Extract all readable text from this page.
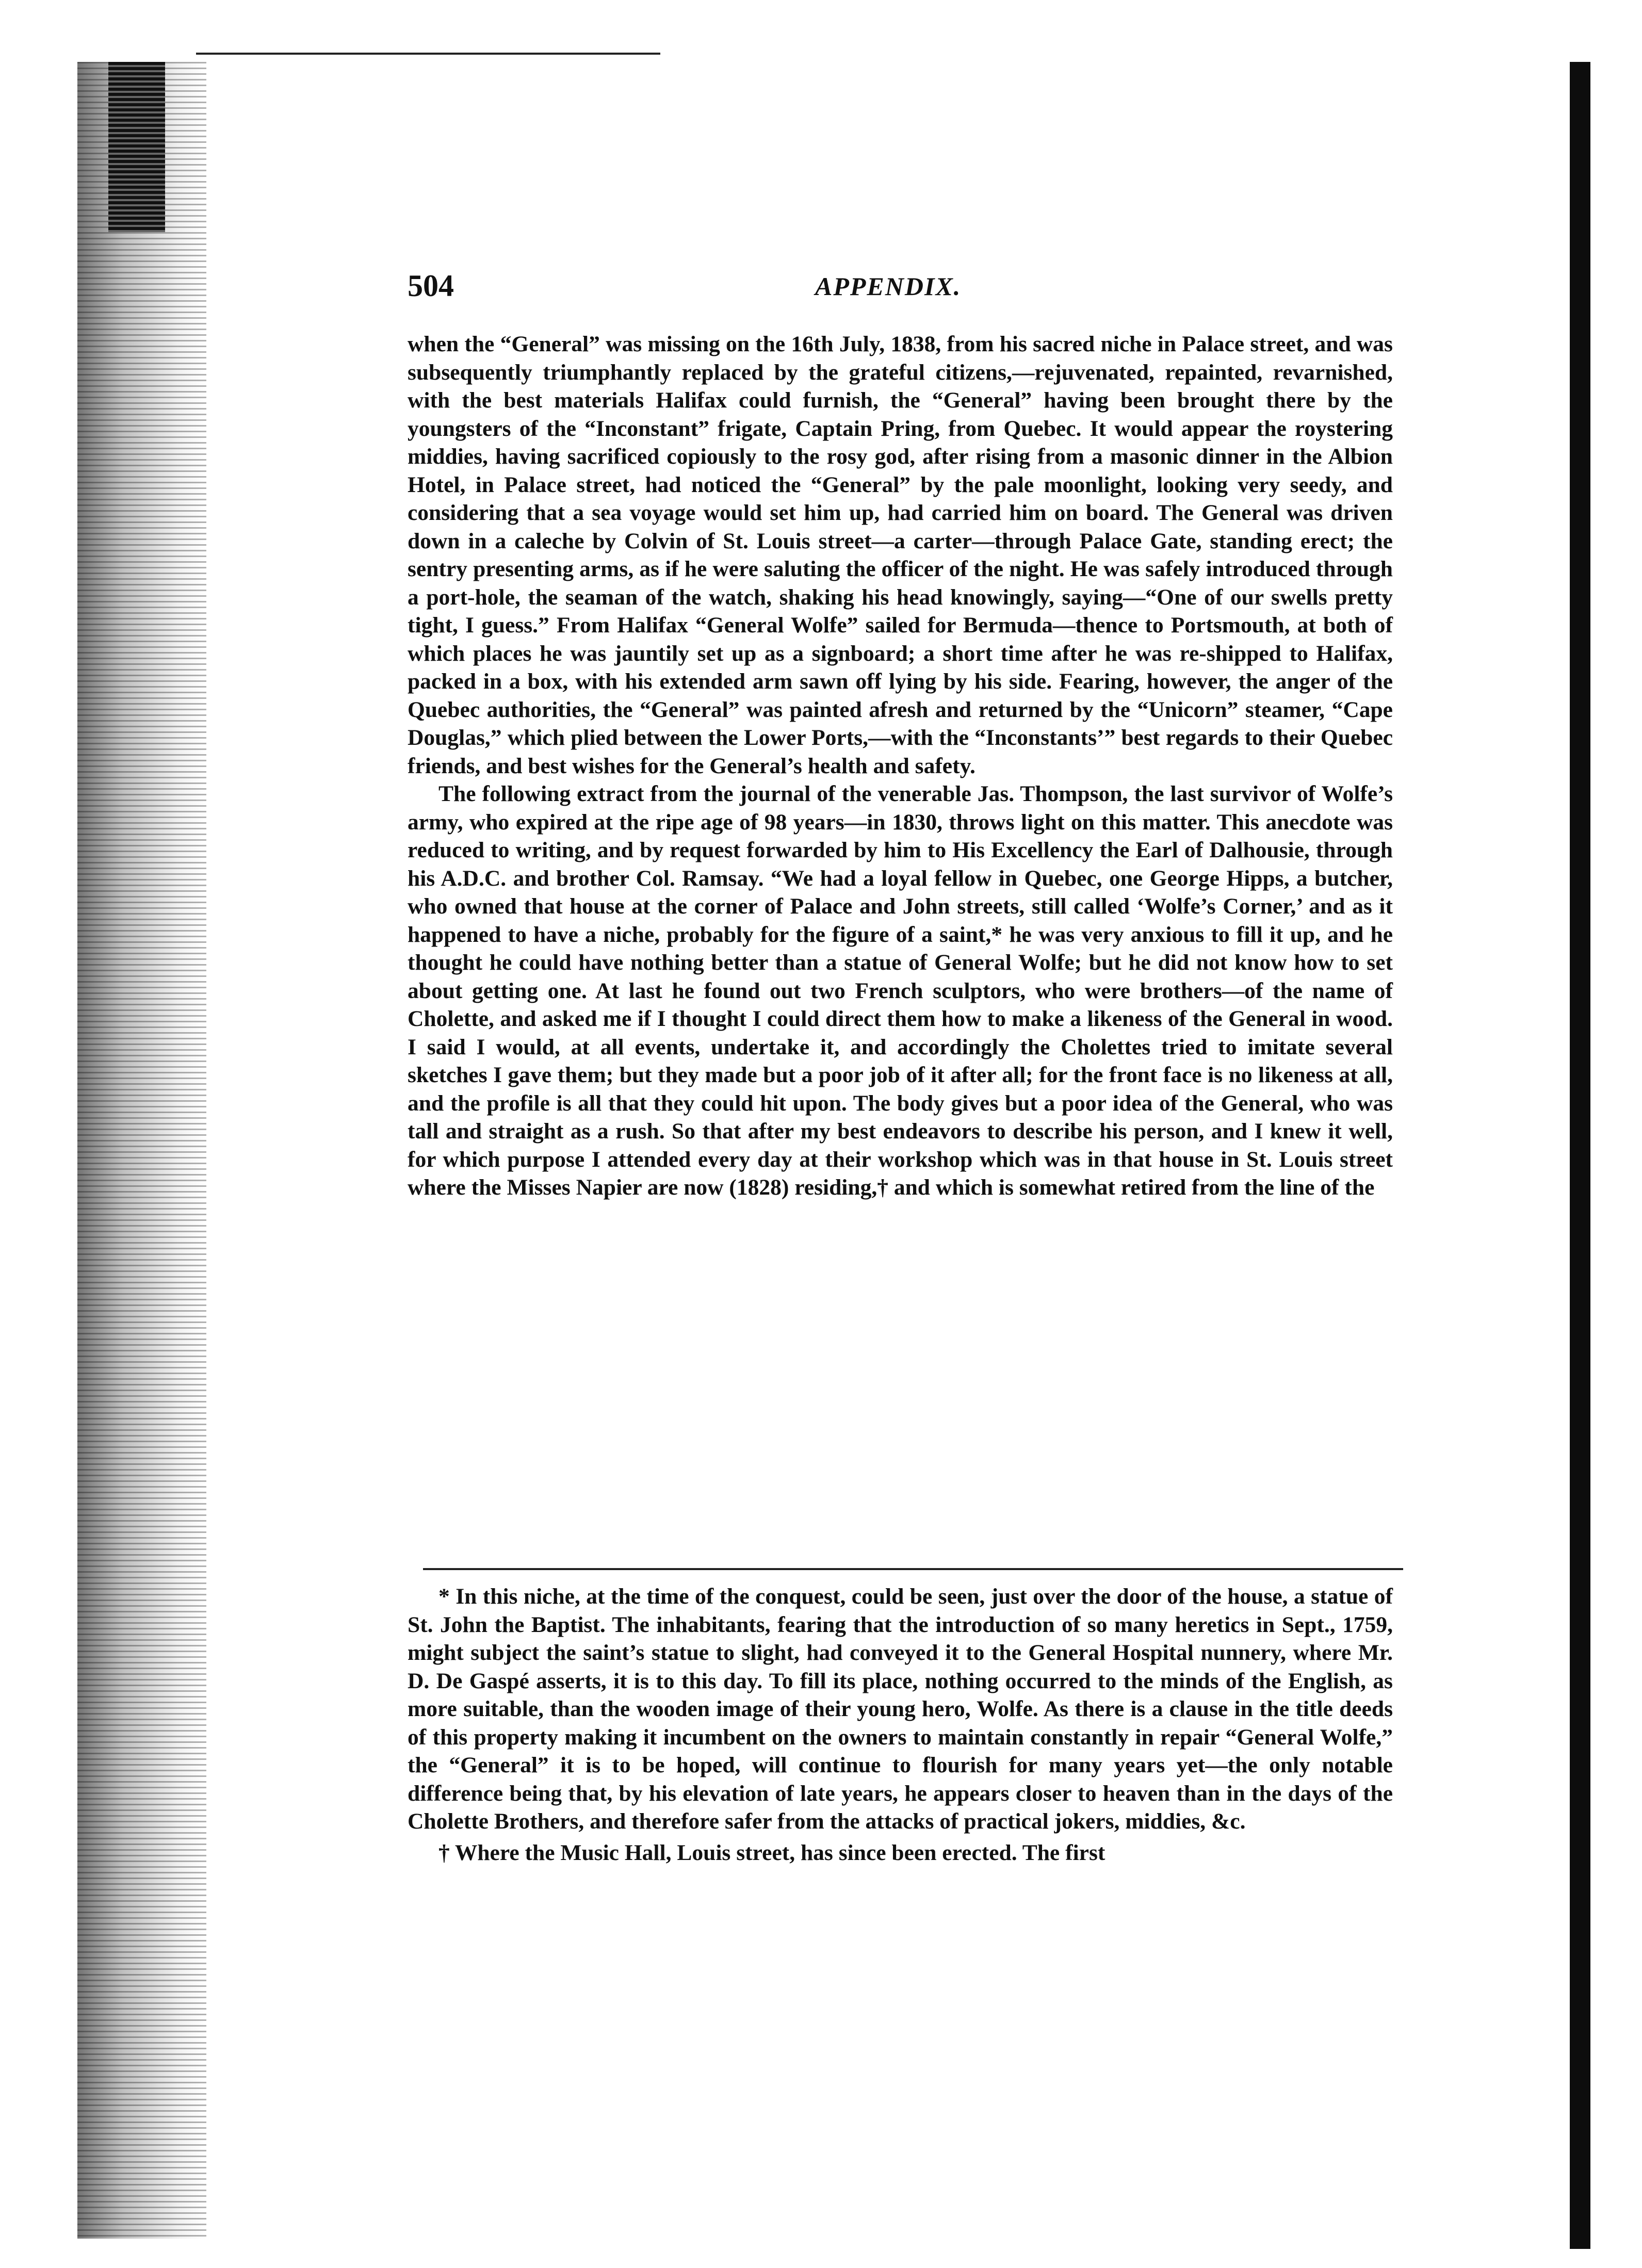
504	APPENDIX.

when the “General” was missing on the 16th July, 1838, from his sacred niche in Palace street, and was subsequently triumphantly replaced by the grateful citizens,—rejuvenated, repainted, revarnished, with the best materials Halifax could furnish, the “General” having been brought there by the youngsters of the “Inconstant” frigate, Captain Pring, from Quebec. It would appear the roystering middies, having sacrificed copiously to the rosy god, after rising from a masonic dinner in the Albion Hotel, in Palace street, had noticed the “General” by the pale moonlight, looking very seedy, and considering that a sea voyage would set him up, had carried him on board. The General was driven down in a caleche by Colvin of St. Louis street—a carter—through Palace Gate, standing erect; the sentry presenting arms, as if he were saluting the officer of the night. He was safely introduced through a port-hole, the seaman of the watch, shaking his head knowingly, saying—“One of our swells pretty tight, I guess.” From Halifax “General Wolfe” sailed for Bermuda—thence to Portsmouth, at both of which places he was jauntily set up as a signboard; a short time after he was re-shipped to Halifax, packed in a box, with his extended arm sawn off lying by his side. Fearing, however, the anger of the Quebec authorities, the “General” was painted afresh and returned by the “Unicorn” steamer, “Cape Douglas,” which plied between the Lower Ports,—with the “Inconstants’” best regards to their Quebec friends, and best wishes for the General’s health and safety.

The following extract from the journal of the venerable Jas. Thompson, the last survivor of Wolfe’s army, who expired at the ripe age of 98 years—in 1830, throws light on this matter. This anecdote was reduced to writing, and by request forwarded by him to His Excellency the Earl of Dalhousie, through his A.D.C. and brother Col. Ramsay. “We had a loyal fellow in Quebec, one George Hipps, a butcher, who owned that house at the corner of Palace and John streets, still called ‘Wolfe’s Corner,’ and as it happened to have a niche, probably for the figure of a saint,* he was very anxious to fill it up, and he thought he could have nothing better than a statue of General Wolfe; but he did not know how to set about getting one. At last he found out two French sculptors, who were brothers—of the name of Cholette, and asked me if I thought I could direct them how to make a likeness of the General in wood. I said I would, at all events, undertake it, and accordingly the Cholettes tried to imitate several sketches I gave them; but they made but a poor job of it after all; for the front face is no likeness at all, and the profile is all that they could hit upon. The body gives but a poor idea of the General, who was tall and straight as a rush. So that after my best endeavors to describe his person, and I knew it well, for which purpose I attended every day at their workshop which was in that house in St. Louis street where the Misses Napier are now (1828) residing,† and which is somewhat retired from the line of the

* In this niche, at the time of the conquest, could be seen, just over the door of the house, a statue of St. John the Baptist. The inhabitants, fearing that the introduction of so many heretics in Sept., 1759, might subject the saint’s statue to slight, had conveyed it to the General Hospital nunnery, where Mr. D. De Gaspé asserts, it is to this day. To fill its place, nothing occurred to the minds of the English, as more suitable, than the wooden image of their young hero, Wolfe. As there is a clause in the title deeds of this property making it incumbent on the owners to maintain constantly in repair “General Wolfe,” the “General” it is to be hoped, will continue to flourish for many years yet—the only notable difference being that, by his elevation of late years, he appears closer to heaven than in the days of the Cholette Brothers, and therefore safer from the attacks of practical jokers, middies, &c.

† Where the Music Hall, Louis street, has since been erected. The first
